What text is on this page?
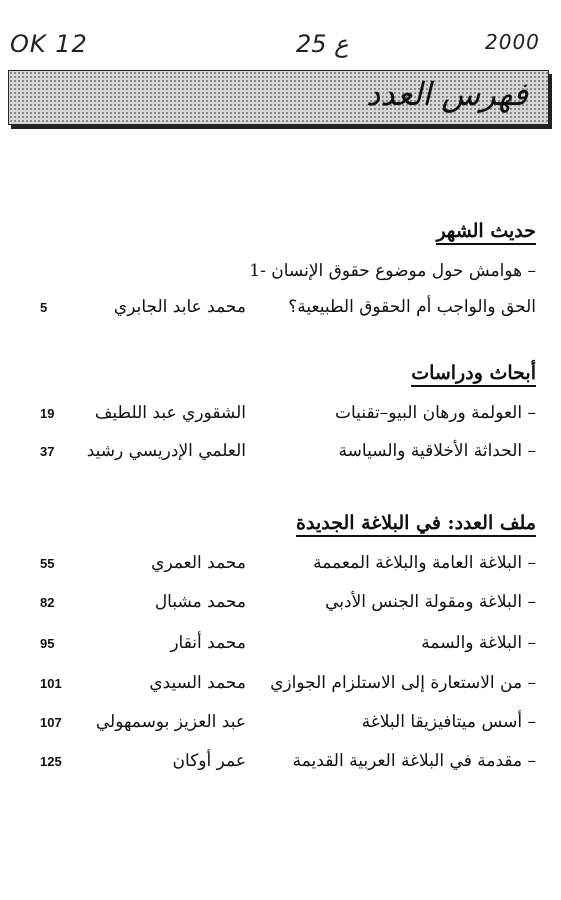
OK 12	25 ع	2000
فهرس العدد
حديث الشهر
– هوامش حول موضوع حقوق الإنسان -1
الحق والواجب أم الحقوق الطبيعية؟
محمد عابد الجابري
5
أبحاث ودراسات
– العولمة ورهان البيو–تقنيات
الشقوري عبد اللطيف
19
– الحداثة الأخلاقية والسياسة
العلمي الإدريسي رشيد
37
ملف العدد: في البلاغة الجديدة
– البلاغة العامة والبلاغة المعممة
محمد العمري
55
– البلاغة ومقولة الجنس الأدبي
محمد مشبال
82
– البلاغة والسمة
محمد أنقار
95
– من الاستعارة إلى الاستلزام الجوازي
محمد السيدي
101
– أسس ميتافيزيقا البلاغة
عبد العزيز بوسمهولي
107
– مقدمة في البلاغة العربية القديمة
عمر أوكان
125
